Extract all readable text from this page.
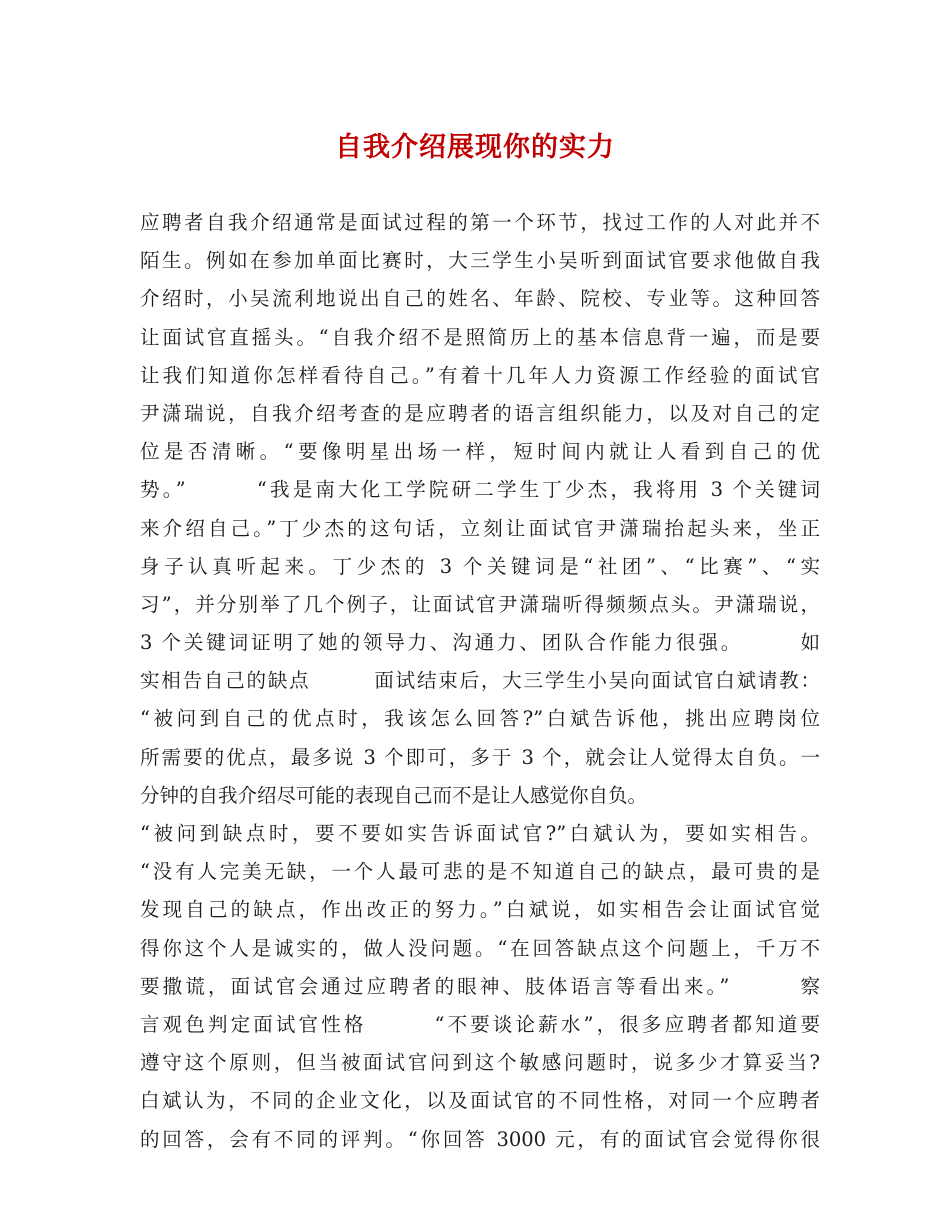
自我介绍展现你的实力
应聘者自我介绍通常是面试过程的第一个环节，找过工作的人对此并不
陌生。例如在参加单面比赛时，大三学生小吴听到面试官要求他做自我
介绍时，小吴流利地说出自己的姓名、年龄、院校、专业等。这种回答
让面试官直摇头。“自我介绍不是照简历上的基本信息背一遍，而是要
让我们知道你怎样看待自己。”有着十几年人力资源工作经验的面试官
尹潇瑞说，自我介绍考查的是应聘者的语言组织能力，以及对自己的定
位是否清晰。“要像明星出场一样，短时间内就让人看到自己的优
势。”　　　“我是南大化工学院研二学生丁少杰，我将用 3 个关键词
来介绍自己。”丁少杰的这句话，立刻让面试官尹潇瑞抬起头来，坐正
身子认真听起来。丁少杰的 3 个关键词是“社团”、“比赛”、“实
习”，并分别举了几个例子，让面试官尹潇瑞听得频频点头。尹潇瑞说，
3 个关键词证明了她的领导力、沟通力、团队合作能力很强。　　　如
实相告自己的缺点　　　面试结束后，大三学生小吴向面试官白斌请教：
“被问到自己的优点时，我该怎么回答?”白斌告诉他，挑出应聘岗位
所需要的优点，最多说 3 个即可，多于 3 个，就会让人觉得太自负。一
分钟的自我介绍尽可能的表现自己而不是让人感觉你自负。
“被问到缺点时，要不要如实告诉面试官?”白斌认为，要如实相告。
“没有人完美无缺，一个人最可悲的是不知道自己的缺点，最可贵的是
发现自己的缺点，作出改正的努力。”白斌说，如实相告会让面试官觉
得你这个人是诚实的，做人没问题。“在回答缺点这个问题上，千万不
要撒谎，面试官会通过应聘者的眼神、肢体语言等看出来。”　　　察
言观色判定面试官性格　　　“不要谈论薪水”，很多应聘者都知道要
遵守这个原则，但当被面试官问到这个敏感问题时，说多少才算妥当?
白斌认为，不同的企业文化，以及面试官的不同性格，对同一个应聘者
的回答，会有不同的评判。“你回答 3000 元，有的面试官会觉得你很
